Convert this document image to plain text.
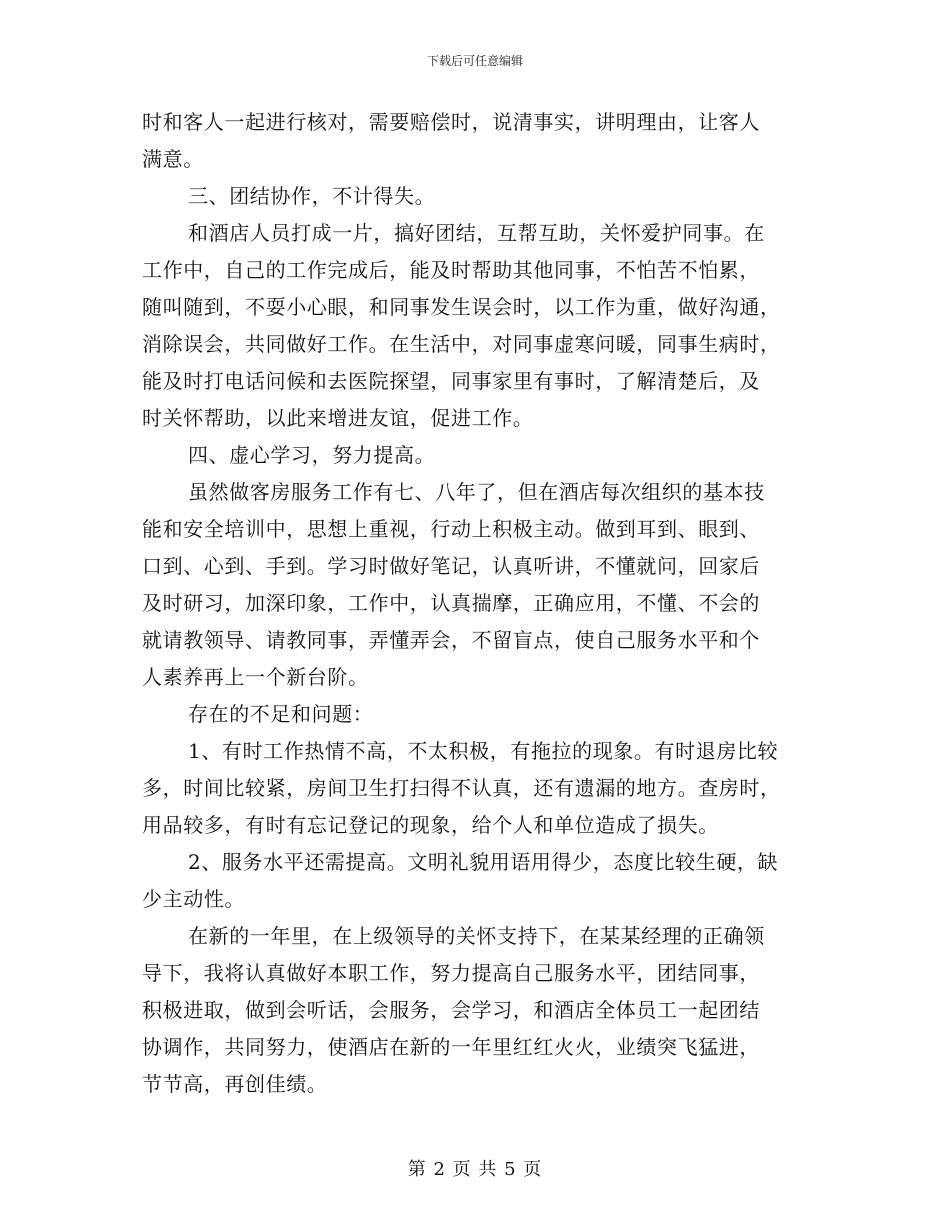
下载后可任意编辑
时和客人一起进行核对，需要赔偿时，说清事实，讲明理由，让客人
满意。
三、团结协作，不计得失。
和酒店人员打成一片，搞好团结，互帮互助，关怀爱护同事。在
工作中，自己的工作完成后，能及时帮助其他同事，不怕苦不怕累，
随叫随到，不耍小心眼，和同事发生误会时，以工作为重，做好沟通，
消除误会，共同做好工作。在生活中，对同事虚寒问暖，同事生病时，
能及时打电话问候和去医院探望，同事家里有事时，了解清楚后，及
时关怀帮助，以此来增进友谊，促进工作。
四、虚心学习，努力提高。
虽然做客房服务工作有七、八年了，但在酒店每次组织的基本技
能和安全培训中，思想上重视，行动上积极主动。做到耳到、眼到、
口到、心到、手到。学习时做好笔记，认真听讲，不懂就问，回家后
及时研习，加深印象，工作中，认真揣摩，正确应用，不懂、不会的
就请教领导、请教同事，弄懂弄会，不留盲点，使自己服务水平和个
人素养再上一个新台阶。
存在的不足和问题：
1、有时工作热情不高，不太积极，有拖拉的现象。有时退房比较
多，时间比较紧，房间卫生打扫得不认真，还有遗漏的地方。查房时，
用品较多，有时有忘记登记的现象，给个人和单位造成了损失。
2、服务水平还需提高。文明礼貌用语用得少，态度比较生硬，缺
少主动性。
在新的一年里，在上级领导的关怀支持下，在某某经理的正确领
导下，我将认真做好本职工作，努力提高自己服务水平，团结同事，
积极进取，做到会听话，会服务，会学习，和酒店全体员工一起团结
协调作，共同努力，使酒店在新的一年里红红火火，业绩突飞猛进，
节节高，再创佳绩。
第 2 页 共 5 页
